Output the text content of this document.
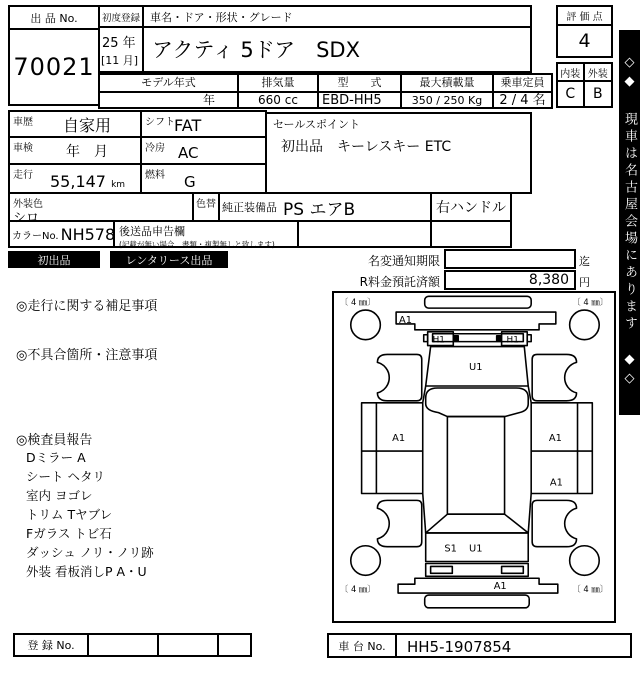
出 品 No.
70021
初度登録
25 年
[11 月]
車名・ドア・形状・グレード
アクティ 5ドア　SDX
評 価 点
4
内装 外装
C	B
モデル年式
年
排気量
660 cc
型　　式
EBD-HH5
最大積載量
350 / 250 Kg
乗車定員
2 / 4 名
車歴	自家用	シフト FAT
車検	年　月	冷房 AC
走行 55,147 km
燃料 G
外装色
シロ
色替 純正装備品 PS エアB	右ハンドル
カラーNo. NH578 後送品申告欄
(記載が無い場合、書類・複製無しと致します)
セールスポイント
初出品　キーレスキー ETC
初出品	レンタリース出品	名変通知期限	迄
R料金預託済額	8,380 円
◎走行に関する補足事項
◎不具合箇所・注意事項
◎検査員報告
Dミラー A
シート ヘタリ
室内 ヨゴレ
トリム Tヤブレ
Fガラス トビ石
ダッシュ ノリ・ノリ跡
外装 看板消しP A・U
〔 4 ㎜〕	〔 4 ㎜〕
〔 4 ㎜〕	〔 4 ㎜〕
A1
H1	H1
U1
A1	A1
A1
S1 U1
A1
登 録 No.	車 台 No.	HH5-1907854
◇◆ 現車は名古屋会場にあります ◆◇
